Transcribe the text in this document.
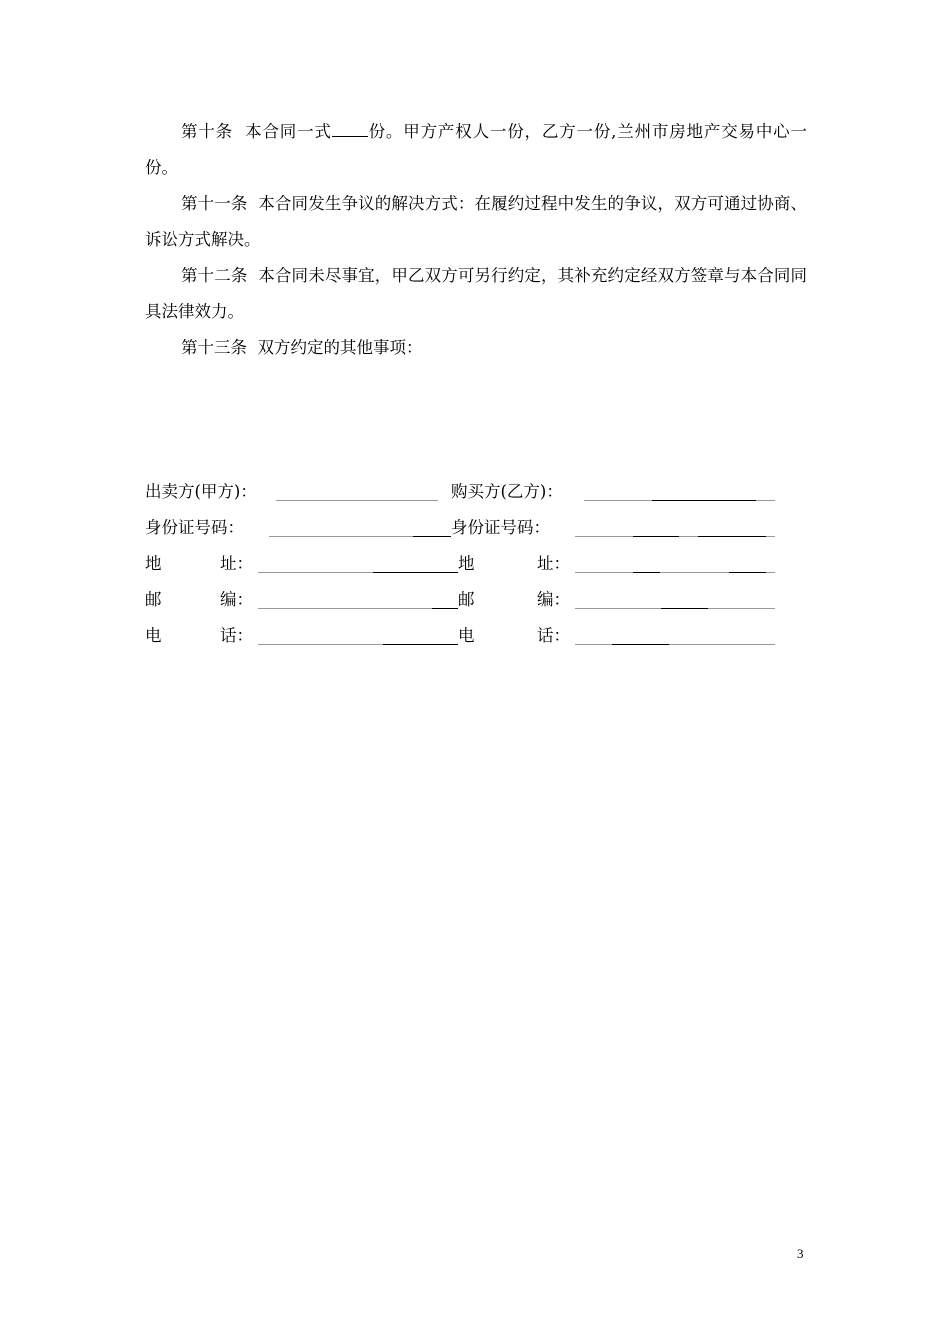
第十条 本合同一式 份。甲方产权人一份，乙方一份,兰州市房地产交易中心一份。

第十一条 本合同发生争议的解决方式：在履约过程中发生的争议，双方可通过协商、诉讼方式解决。

第十二条 本合同未尽事宜，甲乙双方可另行约定，其补充约定经双方签章与本合同同具法律效力。

第十三条 双方约定的其他事项：

出卖方(甲方)：	购买方(乙方)：
身份证号码：	身份证号码：
地	址：	地	址：
邮	编：	邮	编：
电	话：	电	话：
3
